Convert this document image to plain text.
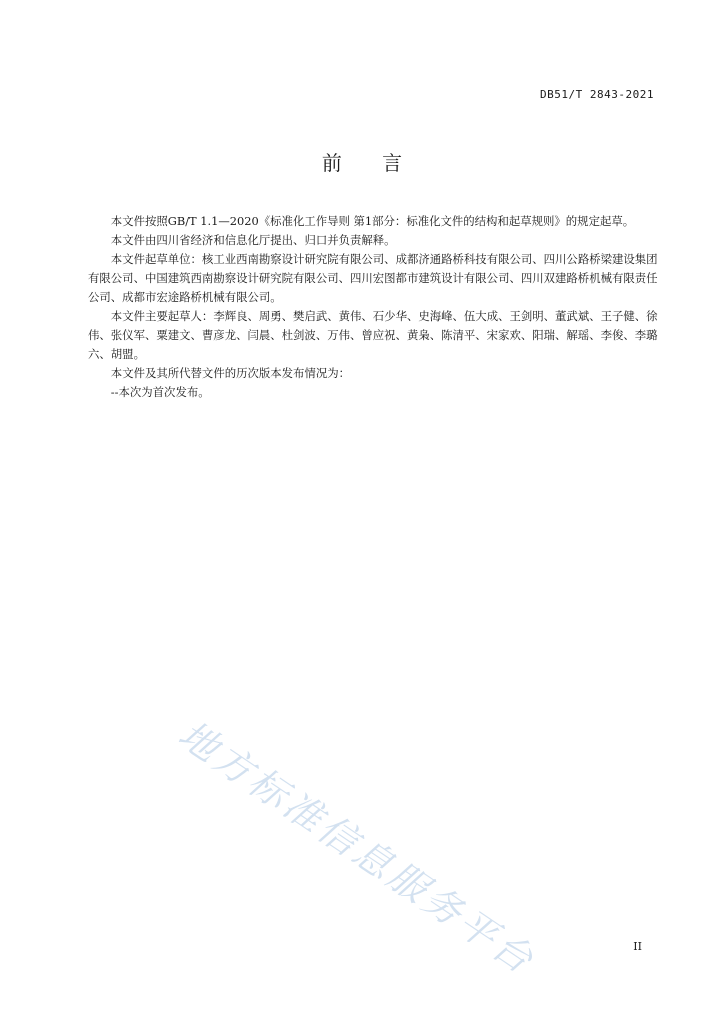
DB51/T 2843-2021
前 言

本文件按照GB/T 1.1—2020《标准化工作导则 第1部分：标准化文件的结构和起草规则》的规定起草。

本文件由四川省经济和信息化厅提出、归口并负责解释。

本文件起草单位：核工业西南勘察设计研究院有限公司、成都济通路桥科技有限公司、四川公路桥梁建设集团有限公司、中国建筑西南勘察设计研究院有限公司、四川宏图都市建筑设计有限公司、四川双建路桥机械有限责任公司、成都市宏途路桥机械有限公司。

本文件主要起草人：李辉良、周勇、樊启武、黄伟、石少华、史海峰、伍大成、王剑明、董武斌、王子健、徐伟、张仪军、粟建文、曹彦龙、闫晨、杜剑波、万伟、曾应祝、黄枭、陈清平、宋家欢、阳瑞、解瑶、李俊、李璐六、胡盟。

本文件及其所代替文件的历次版本发布情况为：

--本次为首次发布。

地方标准信息服务平台	II
